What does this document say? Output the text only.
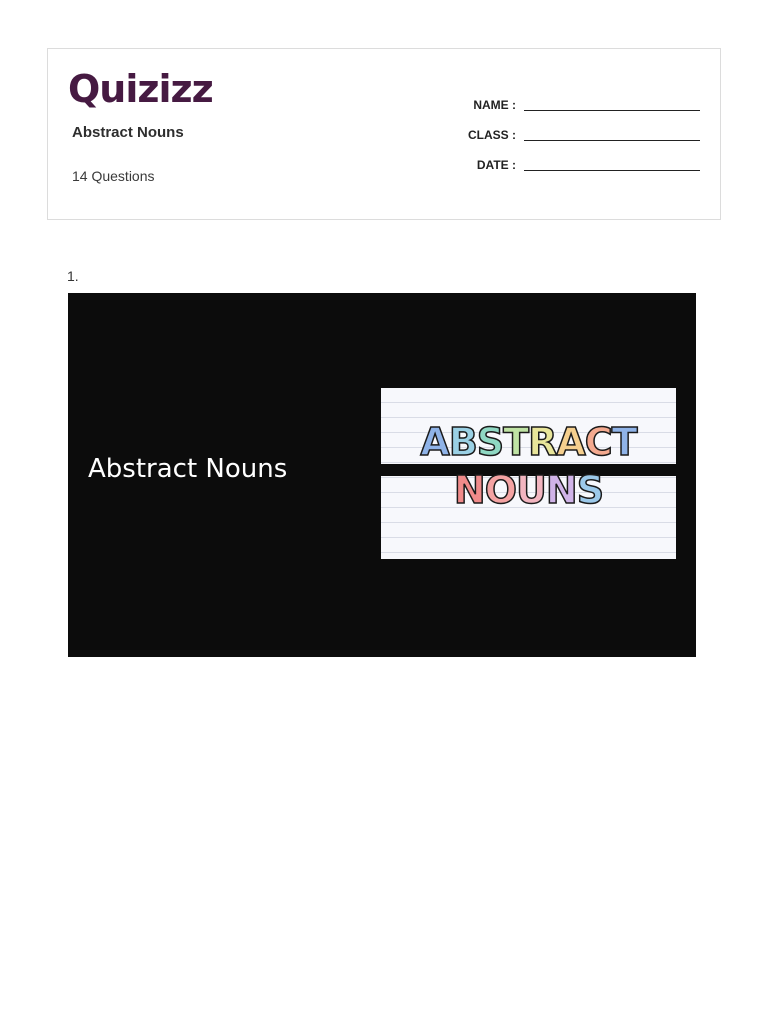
Quizizz
Abstract Nouns
14 Questions
NAME :
CLASS :
DATE :
1.
Abstract Nouns
ABSTRACT
NOUNS
